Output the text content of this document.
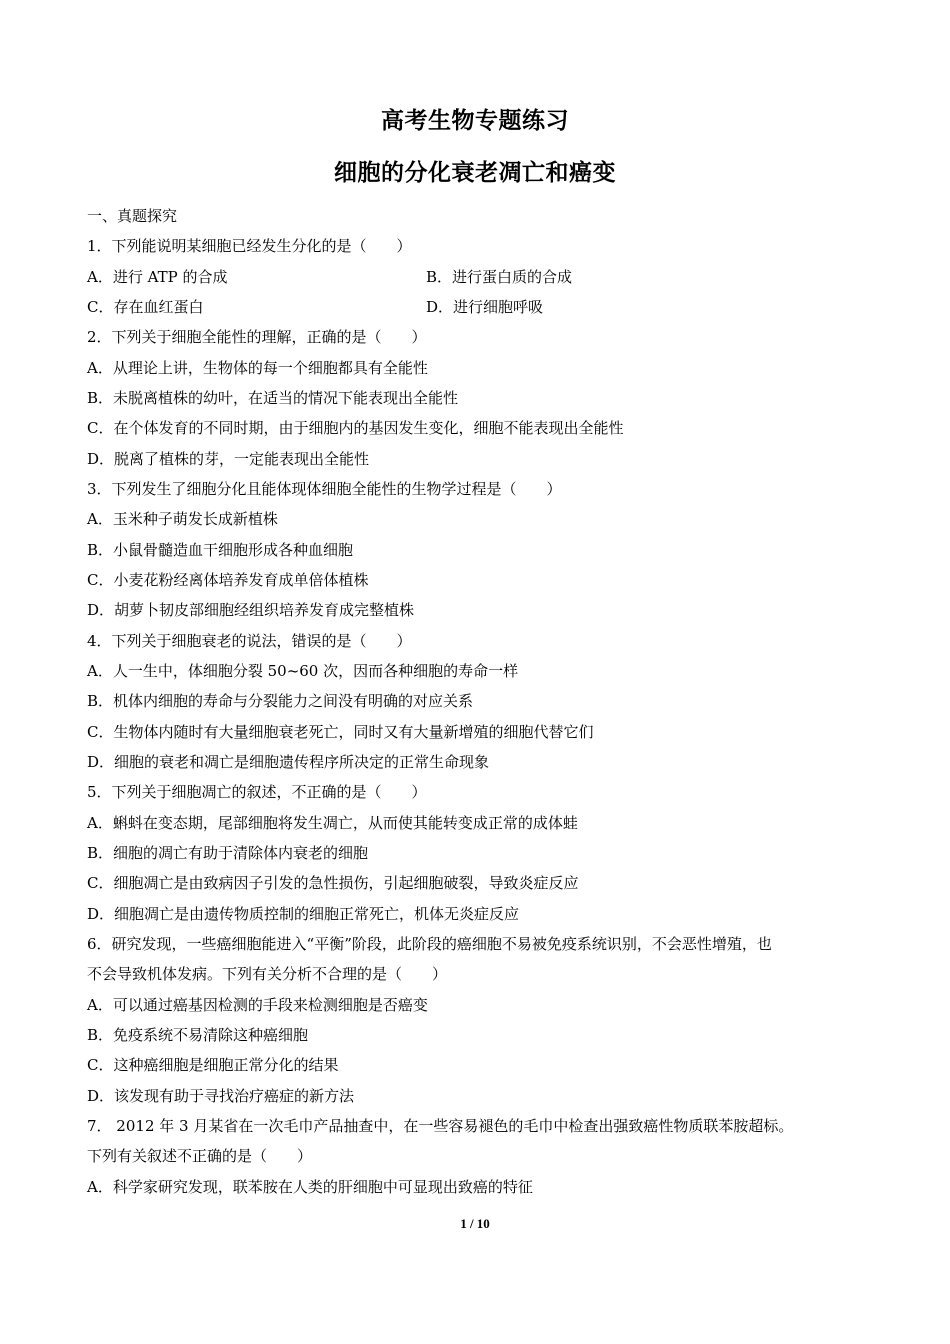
高考生物专题练习
细胞的分化衰老凋亡和癌变
一、真题探究
1．下列能说明某细胞已经发生分化的是（　　）
A．进行 ATP 的合成	B．进行蛋白质的合成
C．存在血红蛋白	D．进行细胞呼吸
2．下列关于细胞全能性的理解，正确的是（　　）
A．从理论上讲，生物体的每一个细胞都具有全能性
B．未脱离植株的幼叶，在适当的情况下能表现出全能性
C．在个体发育的不同时期，由于细胞内的基因发生变化，细胞不能表现出全能性
D．脱离了植株的芽，一定能表现出全能性
3．下列发生了细胞分化且能体现体细胞全能性的生物学过程是（　　）
A．玉米种子萌发长成新植株
B．小鼠骨髓造血干细胞形成各种血细胞
C．小麦花粉经离体培养发育成单倍体植株
D．胡萝卜韧皮部细胞经组织培养发育成完整植株
4．下列关于细胞衰老的说法，错误的是（　　）
A．人一生中，体细胞分裂 50~60 次，因而各种细胞的寿命一样
B．机体内细胞的寿命与分裂能力之间没有明确的对应关系
C．生物体内随时有大量细胞衰老死亡，同时又有大量新增殖的细胞代替它们
D．细胞的衰老和凋亡是细胞遗传程序所决定的正常生命现象
5．下列关于细胞凋亡的叙述，不正确的是（　　）
A．蝌蚪在变态期，尾部细胞将发生凋亡，从而使其能转变成正常的成体蛙
B．细胞的凋亡有助于清除体内衰老的细胞
C．细胞凋亡是由致病因子引发的急性损伤，引起细胞破裂，导致炎症反应
D．细胞凋亡是由遗传物质控制的细胞正常死亡，机体无炎症反应
6．研究发现，一些癌细胞能进入“平衡”阶段，此阶段的癌细胞不易被免疫系统识别，不会恶性增殖，也
不会导致机体发病。下列有关分析不合理的是（　　）
A．可以通过癌基因检测的手段来检测细胞是否癌变
B．免疫系统不易清除这种癌细胞
C．这种癌细胞是细胞正常分化的结果
D．该发现有助于寻找治疗癌症的新方法
7． 2012 年 3 月某省在一次毛巾产品抽查中，在一些容易褪色的毛巾中检查出强致癌性物质联苯胺超标。
下列有关叙述不正确的是（　　）
A．科学家研究发现，联苯胺在人类的肝细胞中可显现出致癌的特征
1 / 10
